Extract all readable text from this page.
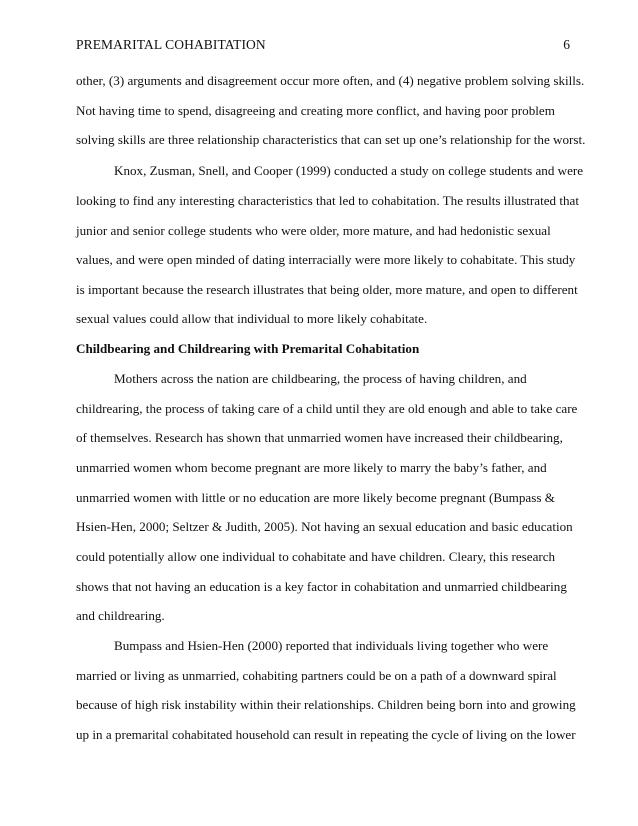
PREMARITAL COHABITATION	6
other, (3) arguments and disagreement occur more often, and (4) negative problem solving skills.
Not having time to spend, disagreeing and creating more conflict, and having poor problem
solving skills are three relationship characteristics that can set up one’s relationship for the worst.
Knox, Zusman, Snell, and Cooper (1999) conducted a study on college students and were
looking to find any interesting characteristics that led to cohabitation. The results illustrated that
junior and senior college students who were older, more mature, and had hedonistic sexual
values, and were open minded of dating interracially were more likely to cohabitate. This study
is important because the research illustrates that being older, more mature, and open to different
sexual values could allow that individual to more likely cohabitate.
Childbearing and Childrearing with Premarital Cohabitation
Mothers across the nation are childbearing, the process of having children, and
childrearing, the process of taking care of a child until they are old enough and able to take care
of themselves. Research has shown that unmarried women have increased their childbearing,
unmarried women whom become pregnant are more likely to marry the baby’s father, and
unmarried women with little or no education are more likely become pregnant (Bumpass &
Hsien-Hen, 2000; Seltzer & Judith, 2005). Not having an sexual education and basic education
could potentially allow one individual to cohabitate and have children. Cleary, this research
shows that not having an education is a key factor in cohabitation and unmarried childbearing
and childrearing.
Bumpass and Hsien-Hen (2000) reported that individuals living together who were
married or living as unmarried, cohabiting partners could be on a path of a downward spiral
because of high risk instability within their relationships. Children being born into and growing
up in a premarital cohabitated household can result in repeating the cycle of living on the lower
